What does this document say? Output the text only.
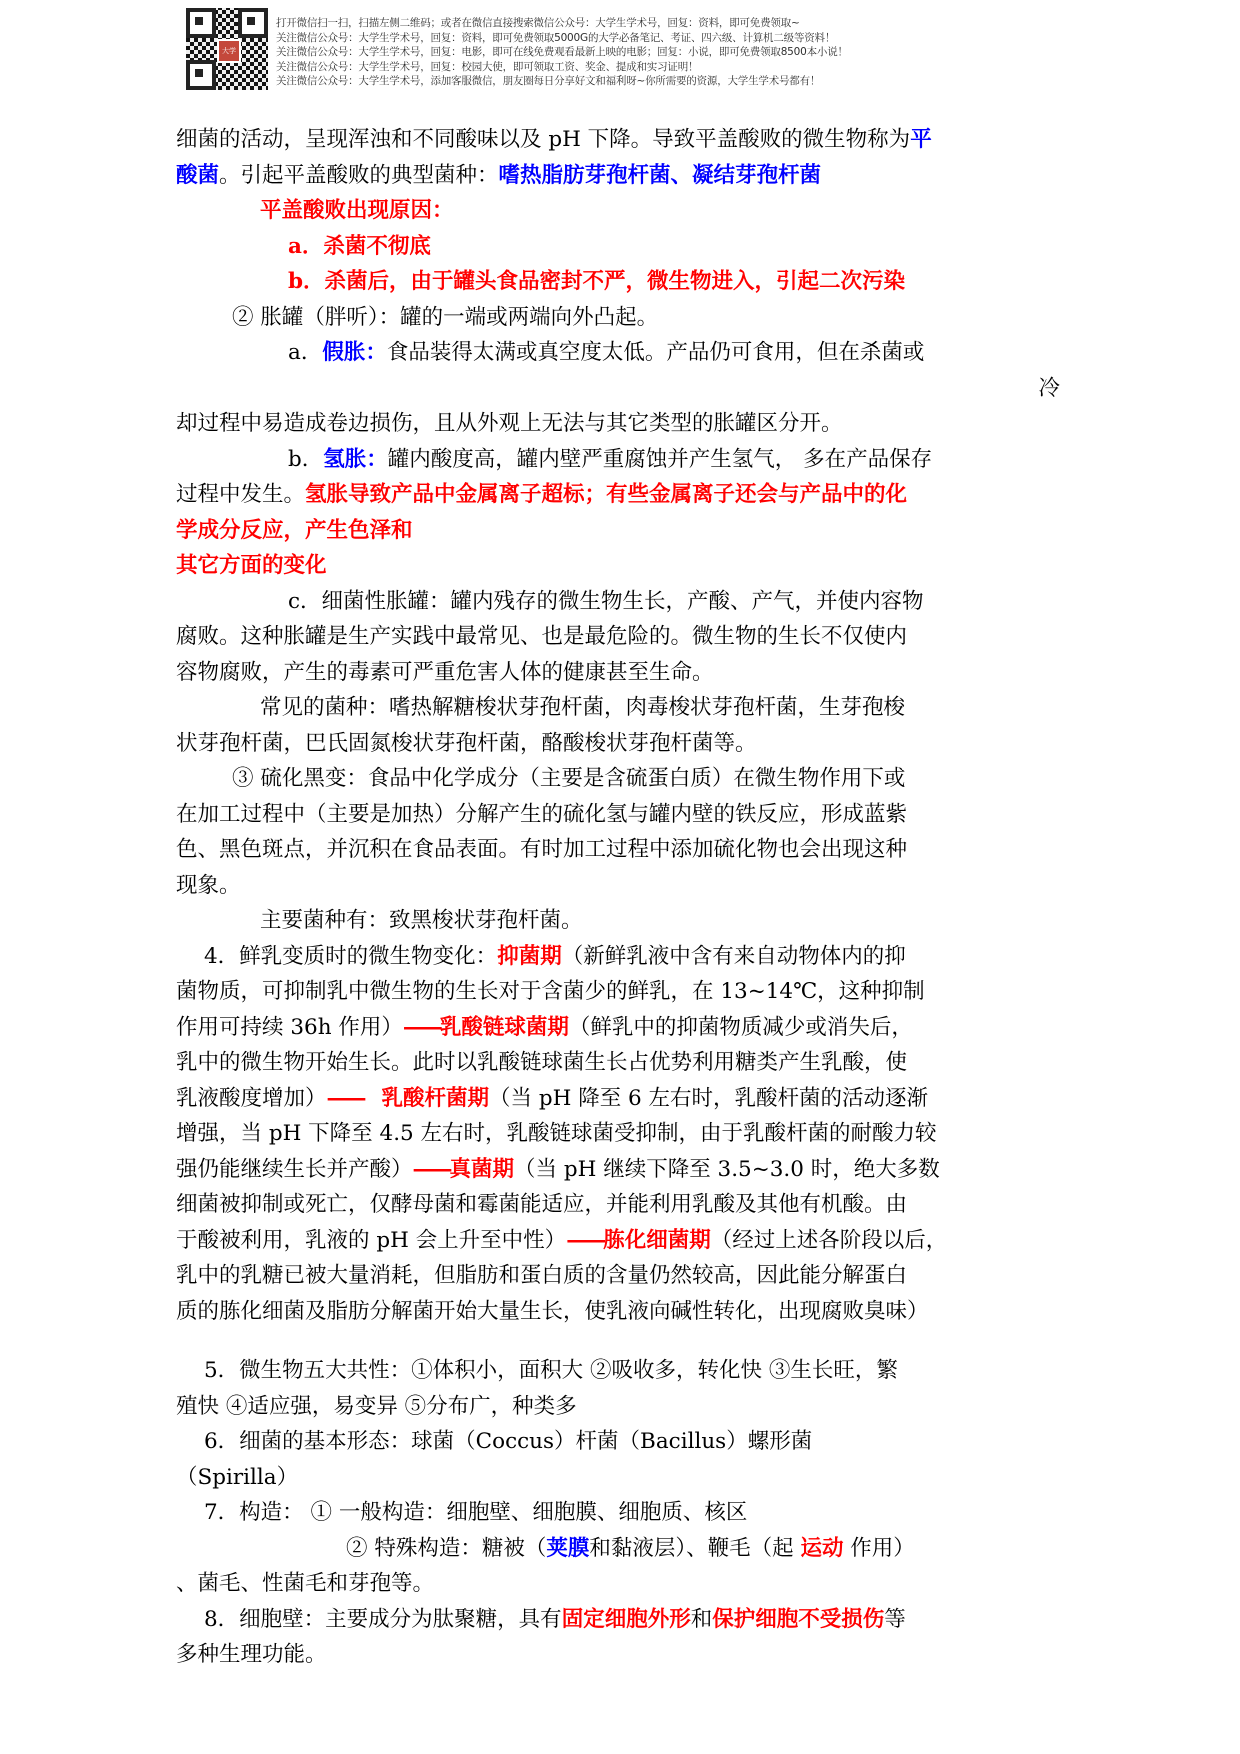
大学
打开微信扫一扫，扫描左侧二维码；或者在微信直接搜索微信公众号：大学生学术号，回复：资料，即可免费领取~
关注微信公众号：大学生学术号，回复：资料，即可免费领取5000G的大学必备笔记、考证、四六级、计算机二级等资料！
关注微信公众号：大学生学术号，回复：电影，即可在线免费观看最新上映的电影；回复：小说，即可免费领取8500本小说！
关注微信公众号：大学生学术号，回复：校园大使，即可领取工资、奖金、提成和实习证明！
关注微信公众号：大学生学术号，添加客服微信，朋友圈每日分享好文和福利呀~你所需要的资源，大学生学术号都有！
细菌的活动，呈现浑浊和不同酸味以及 pH 下降。导致平盖酸败的微生物称为平
酸菌。引起平盖酸败的典型菌种：嗜热脂肪芽孢杆菌、凝结芽孢杆菌
平盖酸败出现原因：
a．杀菌不彻底
b．杀菌后，由于罐头食品密封不严，微生物进入，引起二次污染
② 胀罐（胖听）：罐的一端或两端向外凸起。
a．假胀：食品装得太满或真空度太低。产品仍可食用，但在杀菌或
冷
却过程中易造成卷边损伤，且从外观上无法与其它类型的胀罐区分开。
b．氢胀：罐内酸度高，罐内壁严重腐蚀并产生氢气， 多在产品保存
过程中发生。氢胀导致产品中金属离子超标；有些金属离子还会与产品中的化
学成分反应，产生色泽和
其它方面的变化
c．细菌性胀罐：罐内残存的微生物生长，产酸、产气，并使内容物
腐败。这种胀罐是生产实践中最常见、也是最危险的。微生物的生长不仅使内
容物腐败，产生的毒素可严重危害人体的健康甚至生命。
常见的菌种：嗜热解糖梭状芽孢杆菌，肉毒梭状芽孢杆菌，生芽孢梭
状芽孢杆菌，巴氏固氮梭状芽孢杆菌，酪酸梭状芽孢杆菌等。
③ 硫化黑变：食品中化学成分（主要是含硫蛋白质）在微生物作用下或
在加工过程中（主要是加热）分解产生的硫化氢与罐内壁的铁反应，形成蓝紫
色、黑色斑点，并沉积在食品表面。有时加工过程中添加硫化物也会出现这种
现象。
主要菌种有：致黑梭状芽孢杆菌。
4．鲜乳变质时的微生物变化：抑菌期（新鲜乳液中含有来自动物体内的抑
菌物质，可抑制乳中微生物的生长对于含菌少的鲜乳，在 13~14℃，这种抑制
作用可持续 36h 作用）——乳酸链球菌期（鲜乳中的抑菌物质减少或消失后，
乳中的微生物开始生长。此时以乳酸链球菌生长占优势利用糖类产生乳酸，使
乳液酸度增加）—— 乳酸杆菌期（当 pH 降至 6 左右时，乳酸杆菌的活动逐渐
增强，当 pH 下降至 4.5 左右时，乳酸链球菌受抑制，由于乳酸杆菌的耐酸力较
强仍能继续生长并产酸）——真菌期（当 pH 继续下降至 3.5~3.0 时，绝大多数
细菌被抑制或死亡，仅酵母菌和霉菌能适应，并能利用乳酸及其他有机酸。由
于酸被利用，乳液的 pH 会上升至中性）——胨化细菌期（经过上述各阶段以后，
乳中的乳糖已被大量消耗，但脂肪和蛋白质的含量仍然较高，因此能分解蛋白
质的胨化细菌及脂肪分解菌开始大量生长，使乳液向碱性转化，出现腐败臭味）
5．微生物五大共性：①体积小，面积大 ②吸收多，转化快 ③生长旺，繁
殖快 ④适应强，易变异 ⑤分布广，种类多
6．细菌的基本形态：球菌（Coccus）杆菌（Bacillus）螺形菌
（Spirilla）
7．构造： ① 一般构造：细胞壁、细胞膜、细胞质、核区
② 特殊构造：糖被（荚膜和黏液层）、鞭毛（起 运动 作用）
、菌毛、性菌毛和芽孢等。
8．细胞壁：主要成分为肽聚糖，具有固定细胞外形和保护细胞不受损伤等
多种生理功能。
